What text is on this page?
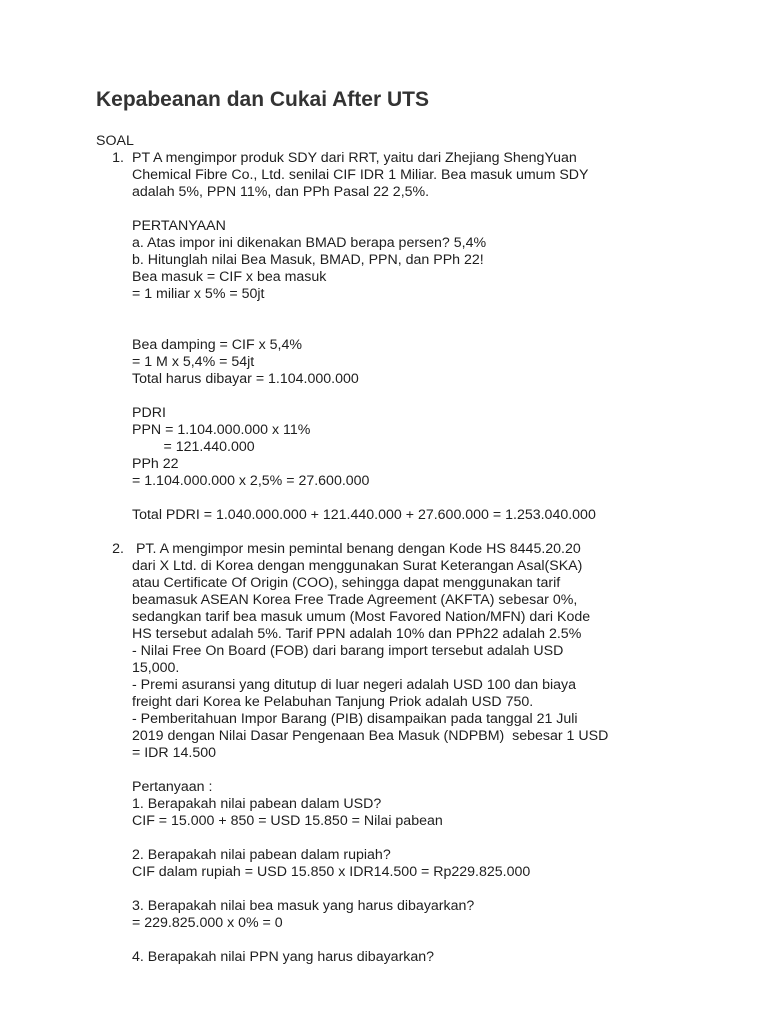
Kepabeanan dan Cukai After UTS
SOAL
1. PT A mengimpor produk SDY dari RRT, yaitu dari Zhejiang ShengYuan
Chemical Fibre Co., Ltd. senilai CIF IDR 1 Miliar. Bea masuk umum SDY
adalah 5%, PPN 11%, dan PPh Pasal 22 2,5%.
PERTANYAAN
a. Atas impor ini dikenakan BMAD berapa persen? 5,4%
b. Hitunglah nilai Bea Masuk, BMAD, PPN, dan PPh 22!
Bea masuk = CIF x bea masuk
= 1 miliar x 5% = 50jt
Bea damping = CIF x 5,4%
= 1 M x 5,4% = 54jt
Total harus dibayar = 1.104.000.000
PDRI
PPN = 1.104.000.000 x 11%
= 121.440.000
PPh 22
= 1.104.000.000 x 2,5% = 27.600.000
Total PDRI = 1.040.000.000 + 121.440.000 + 27.600.000 = 1.253.040.000
2. PT. A mengimpor mesin pemintal benang dengan Kode HS 8445.20.20
dari X Ltd. di Korea dengan menggunakan Surat Keterangan Asal(SKA)
atau Certificate Of Origin (COO), sehingga dapat menggunakan tarif
beamasuk ASEAN Korea Free Trade Agreement (AKFTA) sebesar 0%,
sedangkan tarif bea masuk umum (Most Favored Nation/MFN) dari Kode
HS tersebut adalah 5%. Tarif PPN adalah 10% dan PPh22 adalah 2.5%
- Nilai Free On Board (FOB) dari barang import tersebut adalah USD
15,000.
- Premi asuransi yang ditutup di luar negeri adalah USD 100 dan biaya
freight dari Korea ke Pelabuhan Tanjung Priok adalah USD 750.
- Pemberitahuan Impor Barang (PIB) disampaikan pada tanggal 21 Juli
2019 dengan Nilai Dasar Pengenaan Bea Masuk (NDPBM)  sebesar 1 USD
= IDR 14.500
Pertanyaan :
1. Berapakah nilai pabean dalam USD?
CIF = 15.000 + 850 = USD 15.850 = Nilai pabean
2. Berapakah nilai pabean dalam rupiah?
CIF dalam rupiah = USD 15.850 x IDR14.500 = Rp229.825.000
3. Berapakah nilai bea masuk yang harus dibayarkan?
= 229.825.000 x 0% = 0
4. Berapakah nilai PPN yang harus dibayarkan?
